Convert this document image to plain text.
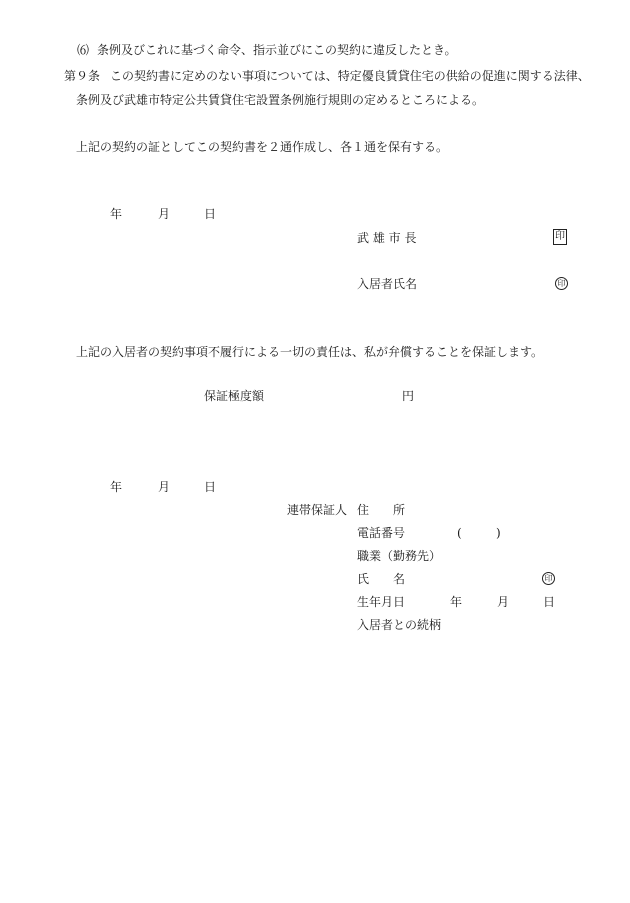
⑹ 条例及びこれに基づく命令、指示並びにこの契約に違反したとき。
第９条 この契約書に定めのない事項については、特定優良賃貸住宅の供給の促進に関する法律、
条例及び武雄市特定公共賃貸住宅設置条例施行規則の定めるところによる。
上記の契約の証としてこの契約書を２通作成し、各１通を保有する。
年	月	日
武 雄 市 長	印
入居者氏名	印
上記の入居者の契約事項不履行による一切の責任は、私が弁償することを保証します。
保証極度額	円
年	月	日
連帯保証人 住　　所
電話番号	(	)
職業（勤務先）
氏　　名	印
生年月日	年	月	日
入居者との続柄
